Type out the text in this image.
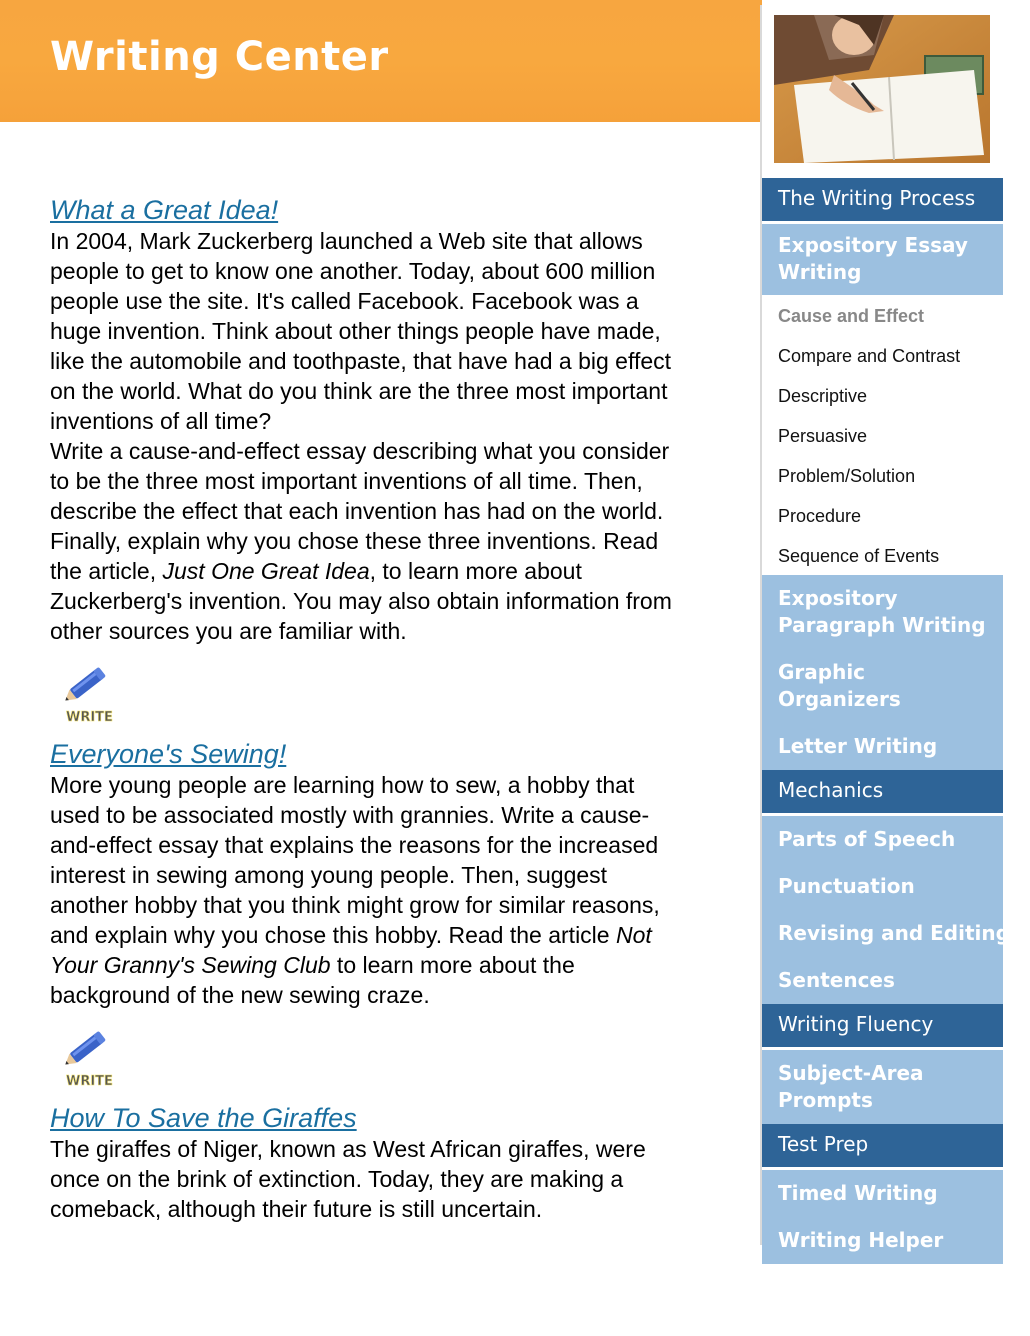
Writing Center
What a Great Idea!

In 2004, Mark Zuckerberg launched a Web site that allows people to get to know one another. Today, about 600 million people use the site. It's called Facebook. Facebook was a huge invention. Think about other things people have made, like the automobile and toothpaste, that have had a big effect on the world. What do you think are the three most important inventions of all time?
Write a cause-and-effect essay describing what you consider to be the three most important inventions of all time. Then, describe the effect that each invention has had on the world. Finally, explain why you chose these three inventions. Read the article, Just One Great Idea, to learn more about Zuckerberg's invention. You may also obtain information from other sources you are familiar with.

WRITE
Everyone's Sewing!

More young people are learning how to sew, a hobby that used to be associated mostly with grannies. Write a cause-and-effect essay that explains the reasons for the increased interest in sewing among young people. Then, suggest another hobby that you think might grow for similar reasons, and explain why you chose this hobby. Read the article Not Your Granny's Sewing Club to learn more about the background of the new sewing craze.

WRITE
How To Save the Giraffes

The giraffes of Niger, known as West African giraffes, were once on the brink of extinction. Today, they are making a comeback, although their future is still uncertain.

The Writing Process
Expository Essay Writing
Cause and Effect
Compare and Contrast
Descriptive
Persuasive
Problem/Solution
Procedure
Sequence of Events
Expository Paragraph Writing
Graphic Organizers
Letter Writing
Mechanics
Parts of Speech
Punctuation
Revising and Editing
Sentences
Writing Fluency
Subject-Area Prompts
Test Prep
Timed Writing
Writing Helper
